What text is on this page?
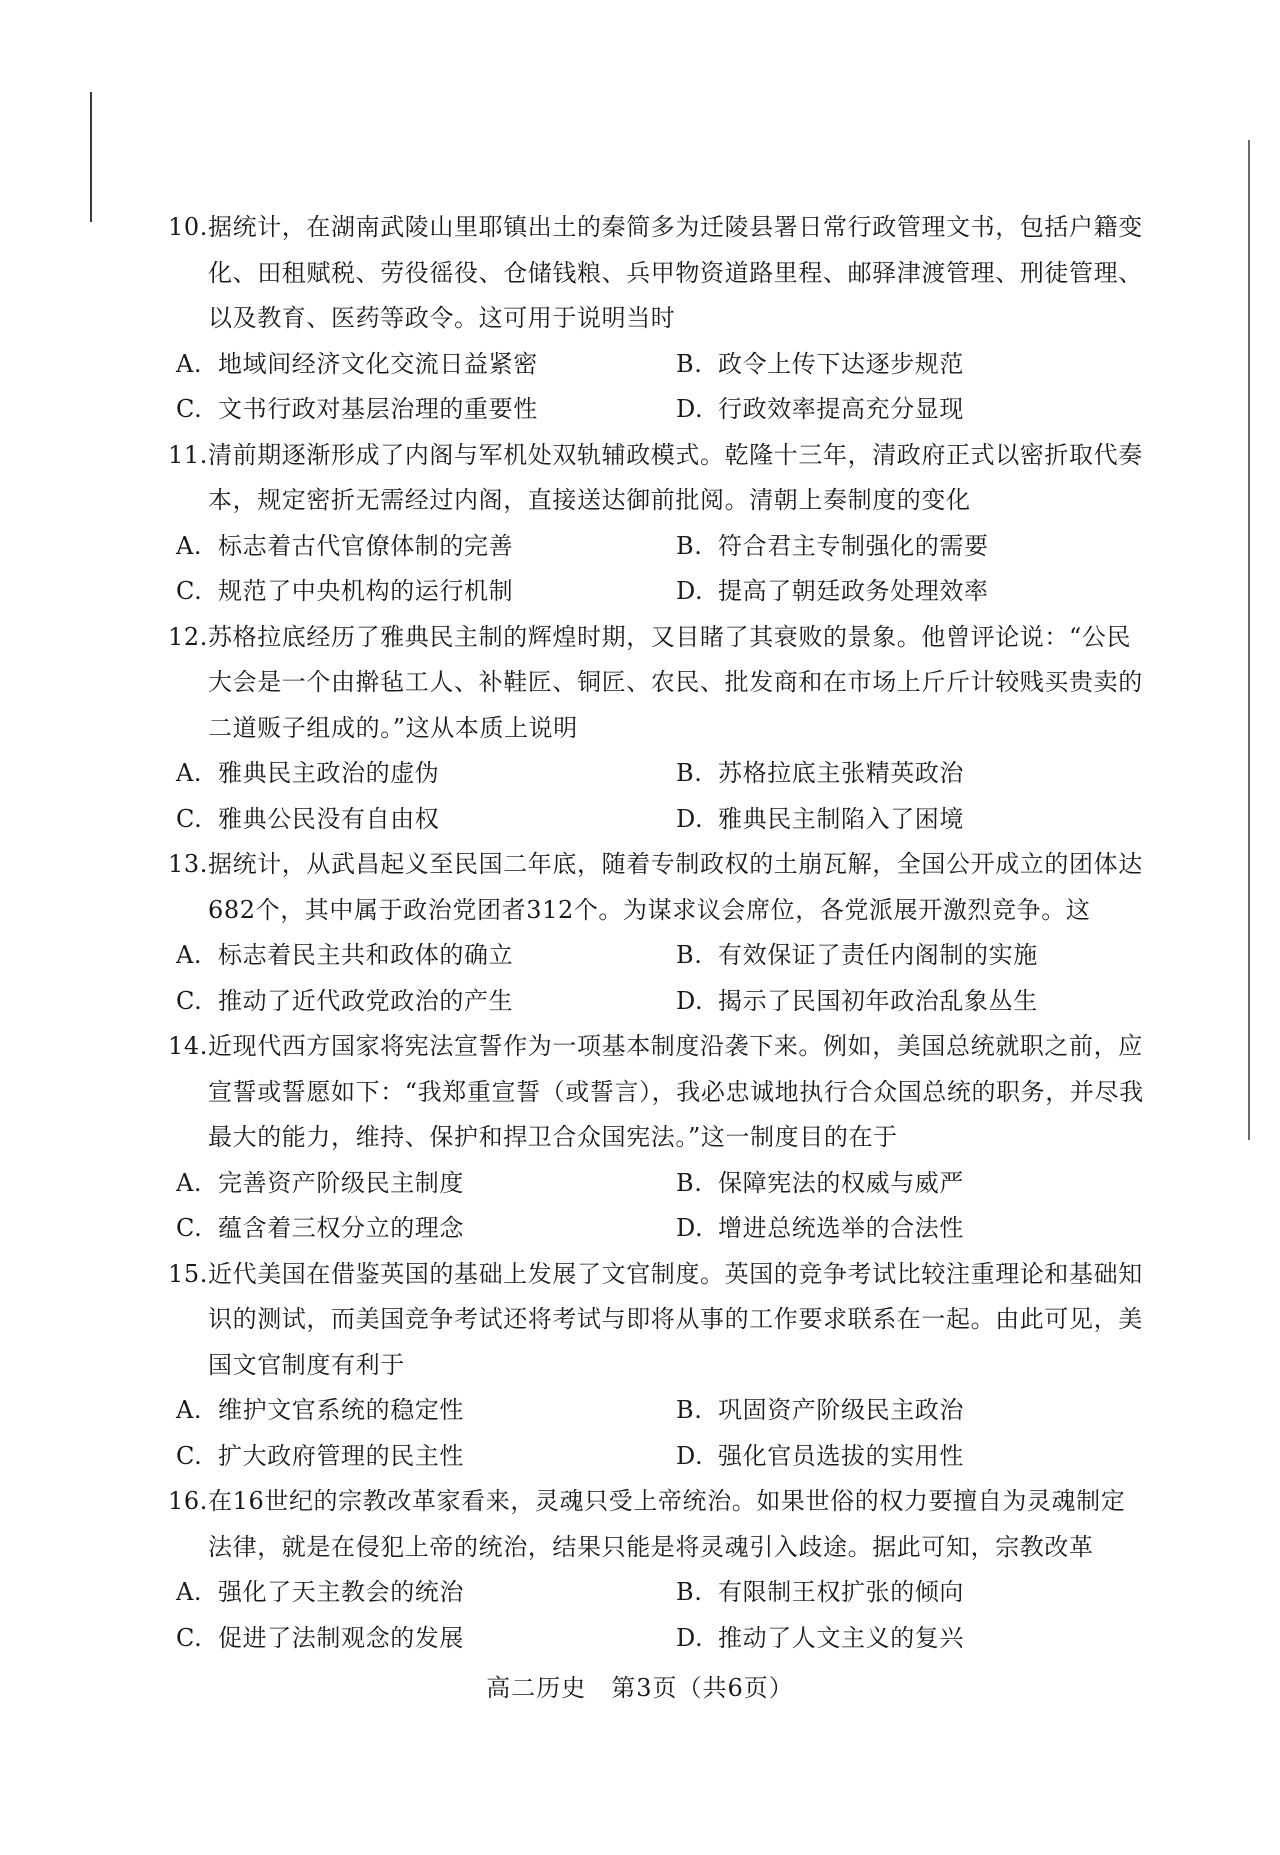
10. 据统计，在湖南武陵山里耶镇出土的秦简多为迁陵县署日常行政管理文书，包括户籍变化、田租赋税、劳役徭役、仓储钱粮、兵甲物资道路里程、邮驿津渡管理、刑徒管理、以及教育、医药等政令。这可用于说明当时
A. 地域间经济文化交流日益紧密	B. 政令上传下达逐步规范
C. 文书行政对基层治理的重要性	D. 行政效率提高充分显现
11. 清前期逐渐形成了内阁与军机处双轨辅政模式。乾隆十三年，清政府正式以密折取代奏本，规定密折无需经过内阁，直接送达御前批阅。清朝上奏制度的变化
A. 标志着古代官僚体制的完善	B. 符合君主专制强化的需要
C. 规范了中央机构的运行机制	D. 提高了朝廷政务处理效率
12. 苏格拉底经历了雅典民主制的辉煌时期，又目睹了其衰败的景象。他曾评论说：“公民大会是一个由擀毡工人、补鞋匠、铜匠、农民、批发商和在市场上斤斤计较贱买贵卖的二道贩子组成的。”这从本质上说明
A. 雅典民主政治的虚伪	B. 苏格拉底主张精英政治
C. 雅典公民没有自由权	D. 雅典民主制陷入了困境
13. 据统计，从武昌起义至民国二年底，随着专制政权的土崩瓦解，全国公开成立的团体达682个，其中属于政治党团者312个。为谋求议会席位，各党派展开激烈竞争。这
A. 标志着民主共和政体的确立	B. 有效保证了责任内阁制的实施
C. 推动了近代政党政治的产生	D. 揭示了民国初年政治乱象丛生
14. 近现代西方国家将宪法宣誓作为一项基本制度沿袭下来。例如，美国总统就职之前，应宣誓或誓愿如下：“我郑重宣誓（或誓言），我必忠诚地执行合众国总统的职务，并尽我最大的能力，维持、保护和捍卫合众国宪法。”这一制度目的在于
A. 完善资产阶级民主制度	B. 保障宪法的权威与威严
C. 蕴含着三权分立的理念	D. 增进总统选举的合法性
15. 近代美国在借鉴英国的基础上发展了文官制度。英国的竞争考试比较注重理论和基础知识的测试，而美国竞争考试还将考试与即将从事的工作要求联系在一起。由此可见，美国文官制度有利于
A. 维护文官系统的稳定性	B. 巩固资产阶级民主政治
C. 扩大政府管理的民主性	D. 强化官员选拔的实用性
16. 在16世纪的宗教改革家看来，灵魂只受上帝统治。如果世俗的权力要擅自为灵魂制定法律，就是在侵犯上帝的统治，结果只能是将灵魂引入歧途。据此可知，宗教改革
A. 强化了天主教会的统治	B. 有限制王权扩张的倾向
C. 促进了法制观念的发展	D. 推动了人文主义的复兴
高二历史　第3页（共6页）
